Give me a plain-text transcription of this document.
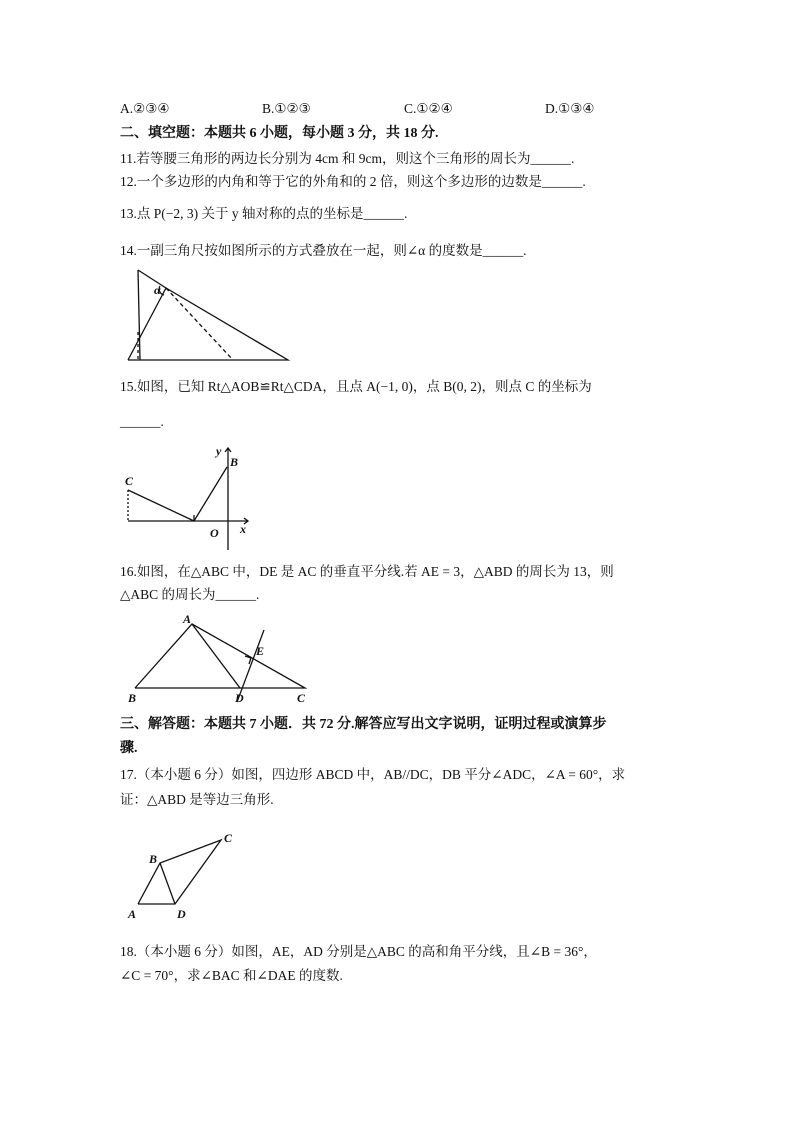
A.②③④	B.①②③	C.①②④	D.①③④
二、填空题：本题共 6 小题，每小题 3 分，共 18 分.
11.若等腰三角形的两边长分别为 4cm 和 9cm，则这个三角形的周长为______.
12.一个多边形的内角和等于它的外角和的 2 倍，则这个多边形的边数是______.
13.点 P(−2, 3) 关于 y 轴对称的点的坐标是______.
14.一副三角尺按如图所示的方式叠放在一起，则∠α 的度数是______.
α
15.如图，已知 Rt△AOB≌Rt△CDA，且点 A(−1, 0)，点 B(0, 2)，则点 C 的坐标为
______.
C
B
y
O x
16.如图，在△ABC 中，DE 是 AC 的垂直平分线.若 AE = 3，△ABD 的周长为 13，则
△ABC 的周长为______.
A
B	C
D
E
三、解答题：本题共 7 小题．共 72 分.解答应写出文字说明，证明过程或演算步
骤.
17.（本小题 6 分）如图，四边形 ABCD 中，AB//DC，DB 平分∠ADC，∠A = 60°，求
证：△ABD 是等边三角形.
A
B
C
D
18.（本小题 6 分）如图，AE，AD 分别是△ABC 的高和角平分线，且∠B = 36°，
∠C = 70°，求∠BAC 和∠DAE 的度数.
